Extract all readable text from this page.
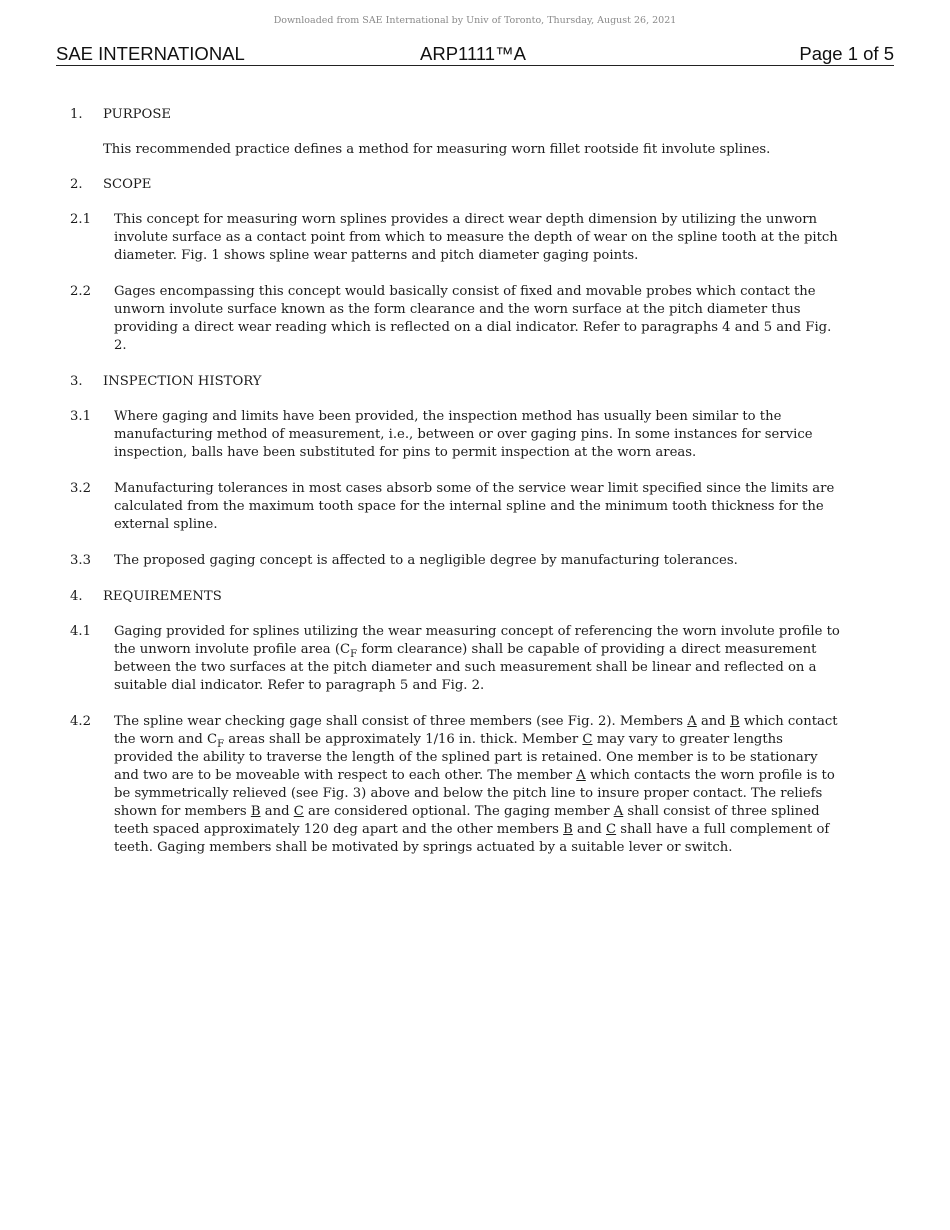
Downloaded from SAE International by Univ of Toronto, Thursday, August 26, 2021
SAE INTERNATIONAL	ARP1111™A	Page 1 of 5
1. PURPOSE
This recommended practice defines a method for measuring worn fillet rootside fit involute splines.
2. SCOPE
2.1 This concept for measuring worn splines provides a direct wear depth dimension by utilizing the unworn involute surface as a contact point from which to measure the depth of wear on the spline tooth at the pitch diameter. Fig. 1 shows spline wear patterns and pitch diameter gaging points.
2.2 Gages encompassing this concept would basically consist of fixed and movable probes which contact the unworn involute surface known as the form clearance and the worn surface at the pitch diameter thus providing a direct wear reading which is reflected on a dial indicator. Refer to paragraphs 4 and 5 and Fig. 2.
3. INSPECTION HISTORY
3.1 Where gaging and limits have been provided, the inspection method has usually been similar to the manufacturing method of measurement, i.e., between or over gaging pins. In some instances for service inspection, balls have been substituted for pins to permit inspection at the worn areas.
3.2 Manufacturing tolerances in most cases absorb some of the service wear limit specified since the limits are calculated from the maximum tooth space for the internal spline and the minimum tooth thickness for the external spline.
3.3 The proposed gaging concept is affected to a negligible degree by manufacturing tolerances.
4. REQUIREMENTS
4.1 Gaging provided for splines utilizing the wear measuring concept of referencing the worn involute profile to the unworn involute profile area ($C_F$ form clearance) shall be capable of providing a direct measurement between the two surfaces at the pitch diameter and such measurement shall be linear and reflected on a suitable dial indicator. Refer to paragraph 5 and Fig. 2.
4.2 The spline wear checking gage shall consist of three members (see Fig. 2). Members A and B which contact the worn and $C_F$ areas shall be approximately 1/16 in. thick. Member C may vary to greater lengths provided the ability to traverse the length of the splined part is retained. One member is to be stationary and two are to be moveable with respect to each other. The member A which contacts the worn profile is to be symmetrically relieved (see Fig. 3) above and below the pitch line to insure proper contact. The reliefs shown for members B and C are considered optional. The gaging member A shall consist of three splined teeth spaced approximately 120 deg apart and the other members B and C shall have a full complement of teeth. Gaging members shall be motivated by springs actuated by a suitable lever or switch.
